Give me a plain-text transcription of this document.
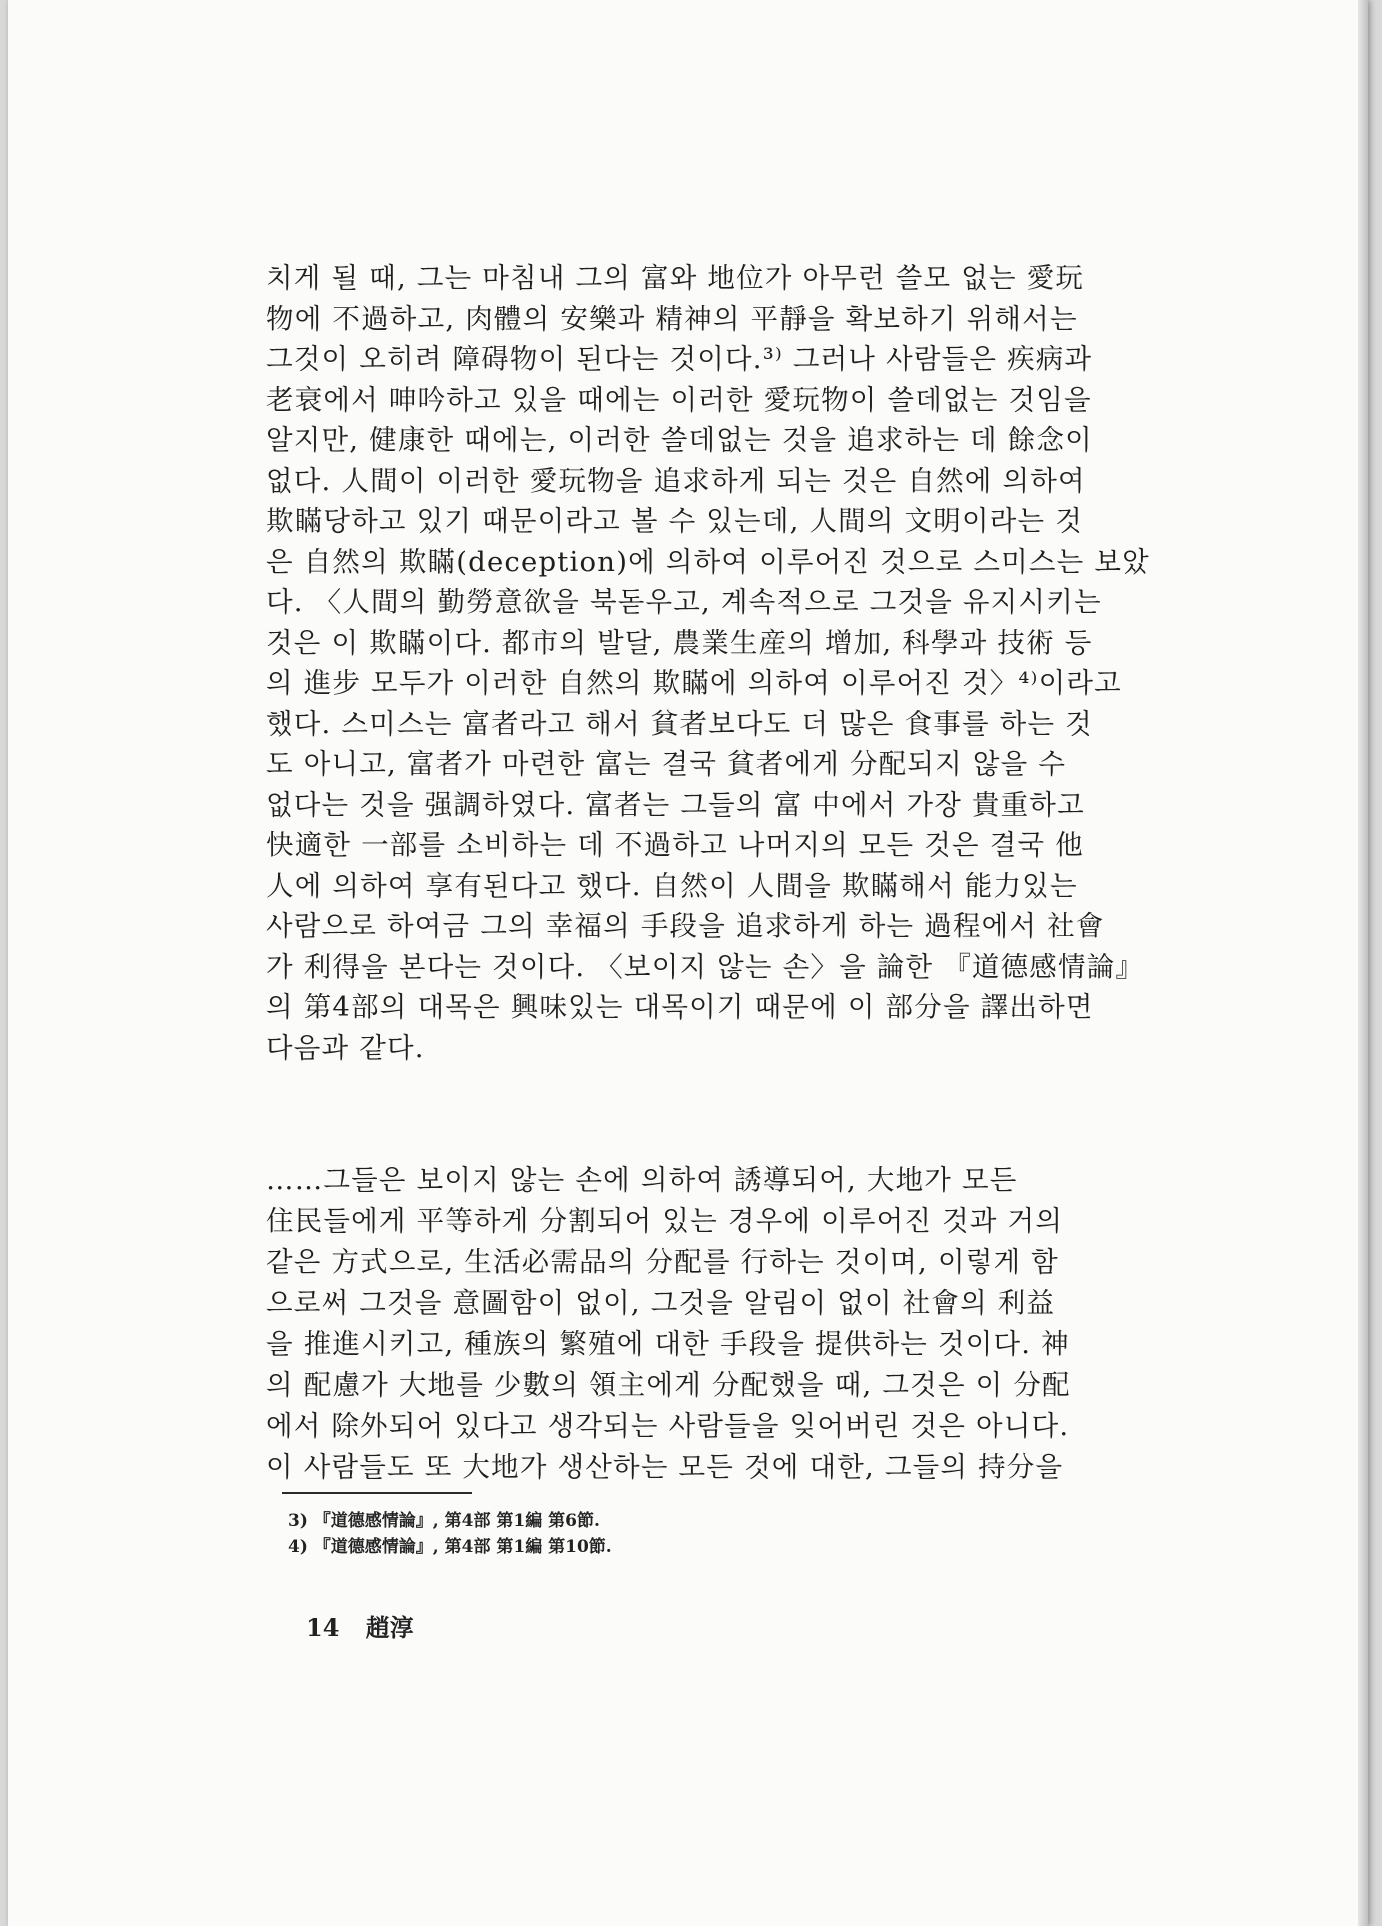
치게 될 때, 그는 마침내 그의 富와 地位가 아무런 쓸모 없는 愛玩
物에 不過하고, 肉體의 安樂과 精神의 平靜을 확보하기 위해서는
그것이 오히려 障碍物이 된다는 것이다.³⁾ 그러나 사람들은 疾病과
老衰에서 呻吟하고 있을 때에는 이러한 愛玩物이 쓸데없는 것임을
알지만, 健康한 때에는, 이러한 쓸데없는 것을 追求하는 데 餘念이
없다. 人間이 이러한 愛玩物을 追求하게 되는 것은 自然에 의하여
欺瞞당하고 있기 때문이라고 볼 수 있는데, 人間의 文明이라는 것
은 自然의 欺瞞(deception)에 의하여 이루어진 것으로 스미스는 보았
다. 〈人間의 勤勞意欲을 북돋우고, 계속적으로 그것을 유지시키는
것은 이 欺瞞이다. 都市의 발달, 農業生産의 增加, 科學과 技術 등
의 進步 모두가 이러한 自然의 欺瞞에 의하여 이루어진 것〉⁴⁾이라고
했다. 스미스는 富者라고 해서 貧者보다도 더 많은 食事를 하는 것
도 아니고, 富者가 마련한 富는 결국 貧者에게 分配되지 않을 수
없다는 것을 强調하였다. 富者는 그들의 富 中에서 가장 貴重하고
快適한 一部를 소비하는 데 不過하고 나머지의 모든 것은 결국 他
人에 의하여 享有된다고 했다. 自然이 人間을 欺瞞해서 能力있는
사람으로 하여금 그의 幸福의 手段을 追求하게 하는 過程에서 社會
가 利得을 본다는 것이다. 〈보이지 않는 손〉을 論한 『道德感情論』
의 第4部의 대목은 興味있는 대목이기 때문에 이 部分을 譯出하면
다음과 같다.
……그들은 보이지 않는 손에 의하여 誘導되어, 大地가 모든
住民들에게 平等하게 分割되어 있는 경우에 이루어진 것과 거의
같은 方式으로, 生活必需品의 分配를 行하는 것이며, 이렇게 함
으로써 그것을 意圖함이 없이, 그것을 알림이 없이 社會의 利益
을 推進시키고, 種族의 繁殖에 대한 手段을 提供하는 것이다. 神
의 配慮가 大地를 少數의 領主에게 分配했을 때, 그것은 이 分配
에서 除外되어 있다고 생각되는 사람들을 잊어버린 것은 아니다.
이 사람들도 또 大地가 생산하는 모든 것에 대한, 그들의 持分을
3) 『道德感情論』, 第4部 第1編 第6節.
4) 『道德感情論』, 第4部 第1編 第10節.
14 趙淳
